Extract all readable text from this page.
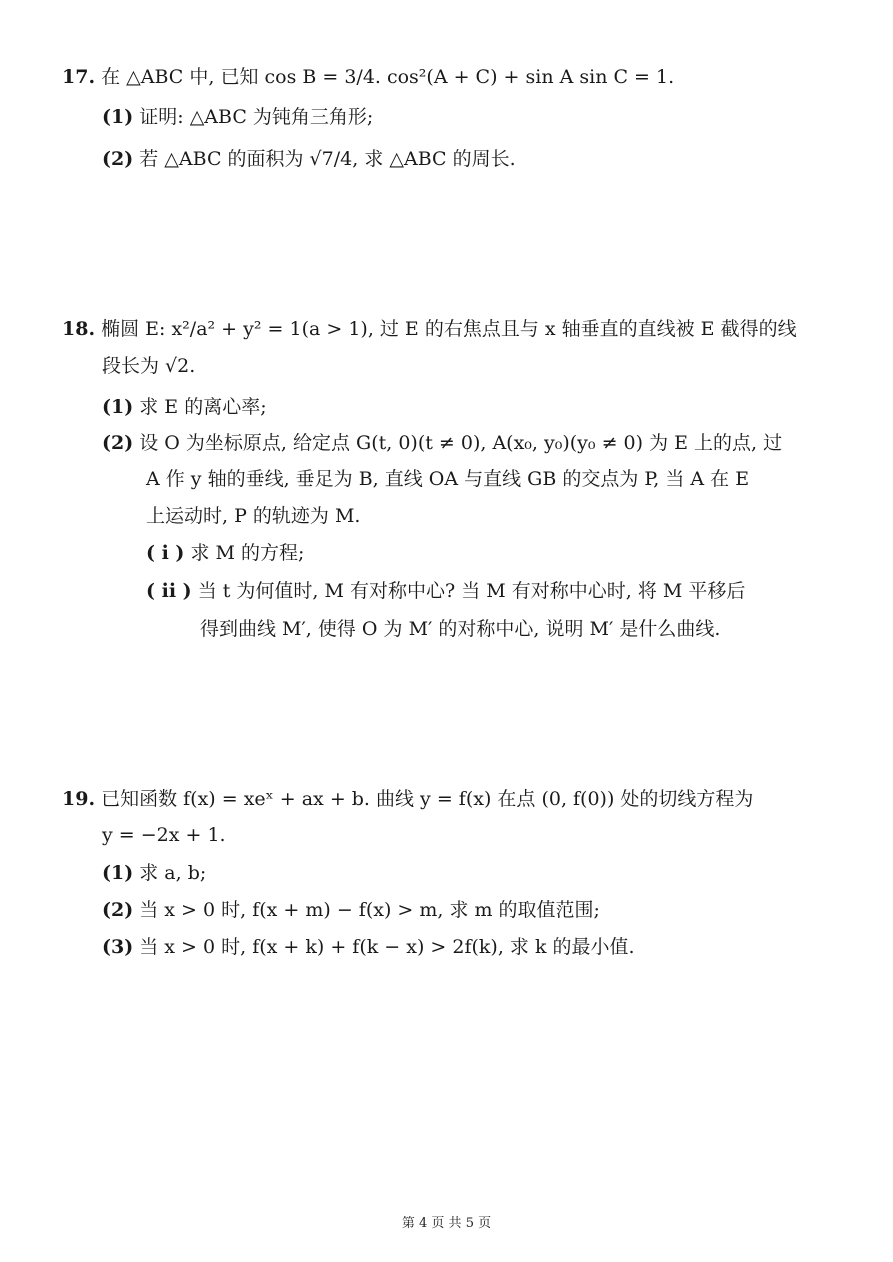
17. 在 △ABC 中, 已知 cos B = 3/4. cos²(A + C) + sin A sin C = 1.
(1) 证明: △ABC 为钝角三角形;
(2) 若 △ABC 的面积为 √7/4, 求 △ABC 的周长.
18. 椭圆 E: x²/a² + y² = 1(a > 1), 过 E 的右焦点且与 x 轴垂直的直线被 E 截得的线
段长为 √2.
(1) 求 E 的离心率;
(2) 设 O 为坐标原点, 给定点 G(t, 0)(t ≠ 0), A(x₀, y₀)(y₀ ≠ 0) 为 E 上的点, 过
A 作 y 轴的垂线, 垂足为 B, 直线 OA 与直线 GB 的交点为 P, 当 A 在 E
上运动时, P 的轨迹为 M.
( i ) 求 M 的方程;
( ii ) 当 t 为何值时, M 有对称中心? 当 M 有对称中心时, 将 M 平移后
得到曲线 M′, 使得 O 为 M′ 的对称中心, 说明 M′ 是什么曲线.
19. 已知函数 f(x) = xeˣ + ax + b. 曲线 y = f(x) 在点 (0, f(0)) 处的切线方程为
y = −2x + 1.
(1) 求 a, b;
(2) 当 x > 0 时, f(x + m) − f(x) > m, 求 m 的取值范围;
(3) 当 x > 0 时, f(x + k) + f(k − x) > 2f(k), 求 k 的最小值.
第 4 页 共 5 页
